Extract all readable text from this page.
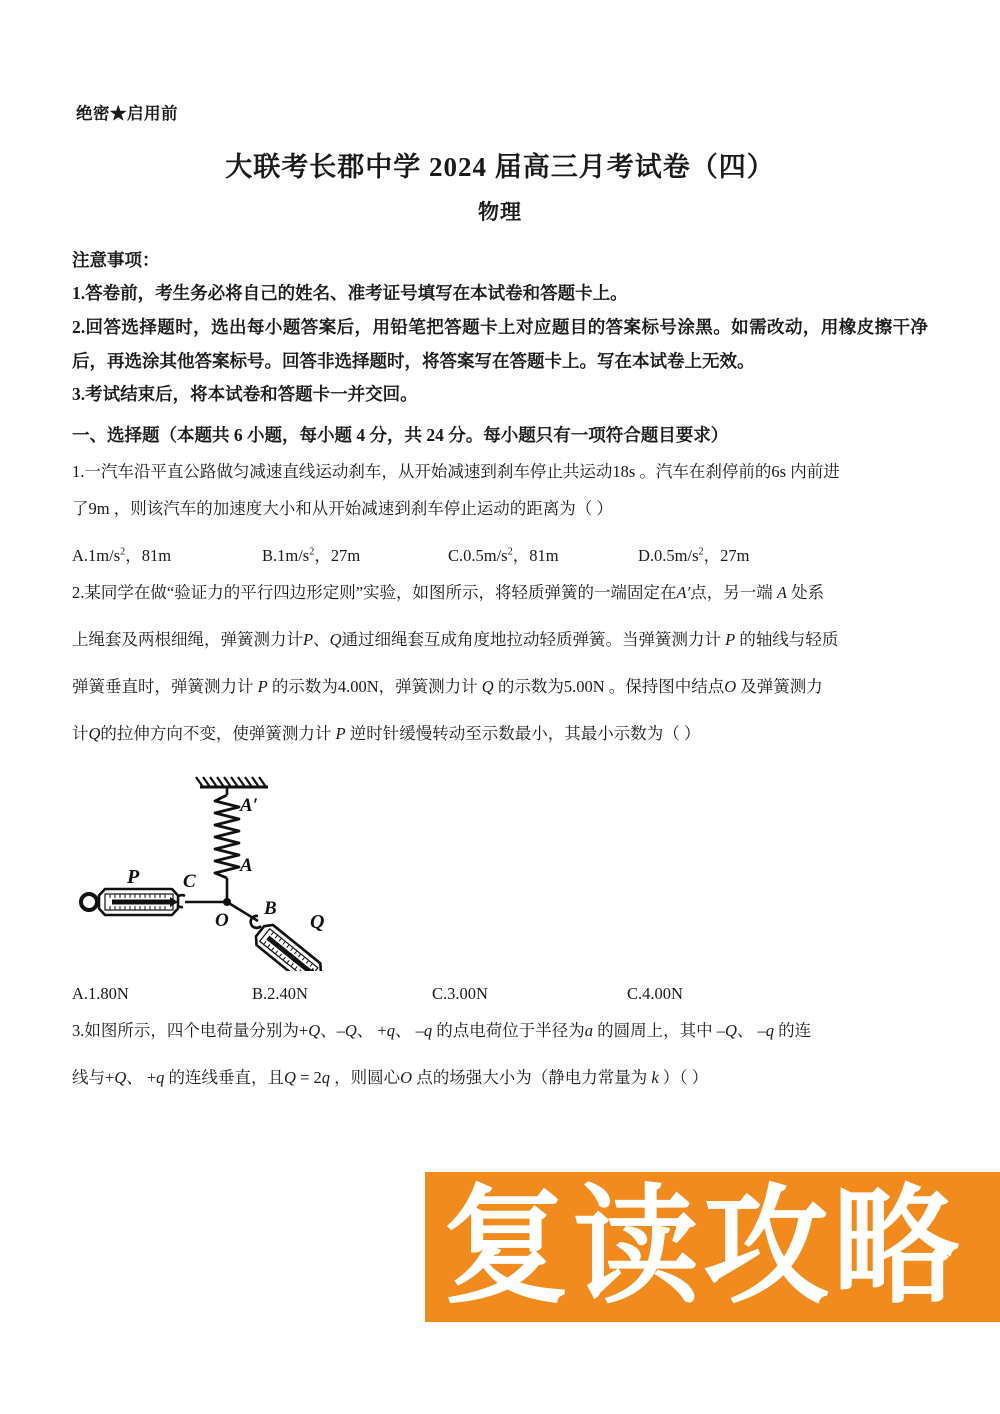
绝密★启用前
大联考长郡中学 2024 届高三月考试卷（四）
物理
注意事项：

1.答卷前，考生务必将自己的姓名、准考证号填写在本试卷和答题卡上。

2.回答选择题时，选出每小题答案后，用铅笔把答题卡上对应题目的答案标号涂黑。如需改动，用橡皮擦干净后，再选涂其他答案标号。回答非选择题时，将答案写在答题卡上。写在本试卷上无效。

3.考试结束后，将本试卷和答题卡一并交回。

一、选择题（本题共 6 小题，每小题 4 分，共 24 分。每小题只有一项符合题目要求）

1.一汽车沿平直公路做匀减速直线运动刹车，从开始减速到刹车停止共运动18s 。汽车在刹停前的6s 内前进

了9m ，则该汽车的加速度大小和从开始减速到刹车停止运动的距离为（ ）

$A.1m/s^2$，81m	$B.1m/s^2$，27m	$C.0.5m/s^2$，81m	$D.0.5m/s^2$，27m

2.某同学在做“验证力的平行四边形定则”实验，如图所示，将轻质弹簧的一端固定在A′点，另一端 A 处系

上绳套及两根细绳，弹簧测力计P、Q通过细绳套互成角度地拉动轻质弹簧。当弹簧测力计 P 的轴线与轻质

弹簧垂直时，弹簧测力计 P 的示数为4.00N，弹簧测力计 Q 的示数为5.00N 。保持图中结点O 及弹簧测力

计Q的拉伸方向不变，使弹簧测力计 P 逆时针缓慢转动至示数最小，其最小示数为（ ）

A′
A
O
B
C
P
Q
A.1.80N	B.2.40N	C.3.00N	C.4.00N

3.如图所示，四个电荷量分别为+Q、–Q、 +q、 –q 的点电荷位于半径为a 的圆周上，其中 –Q、 –q 的连

线与+Q、 +q 的连线垂直，且Q = 2q ，则圆心O 点的场强大小为（静电力常量为 k ）（ ）

复读攻略
